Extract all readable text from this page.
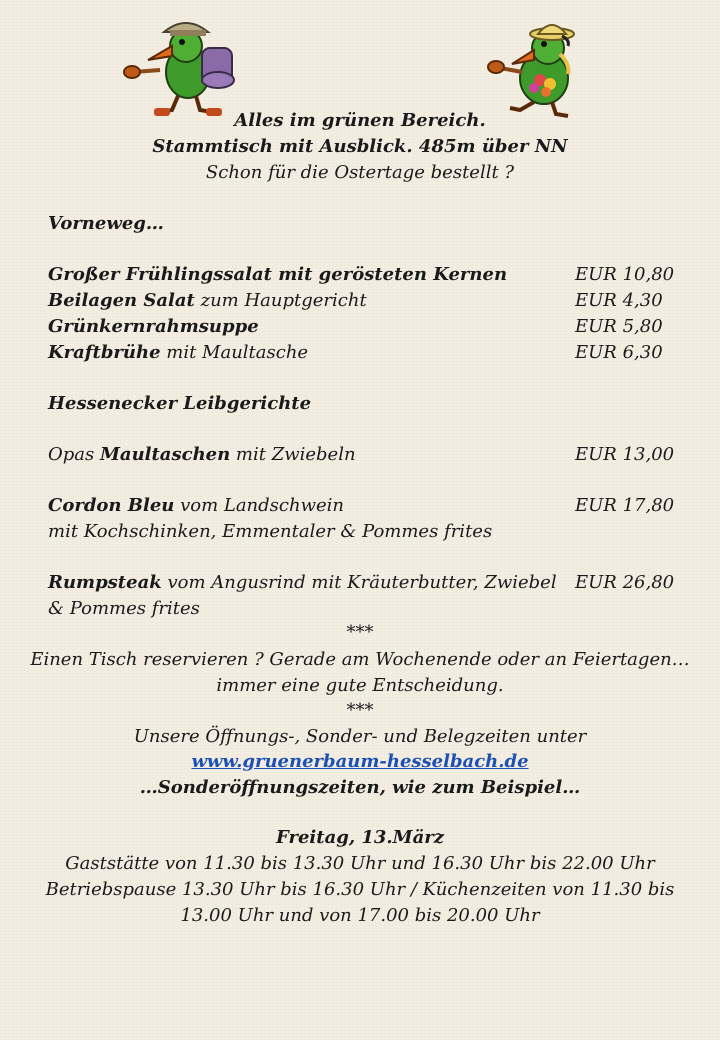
Alles im grünen Bereich.
Stammtisch mit Ausblick. 485m über NN
Schon für die Ostertage bestellt ?
Vorneweg…
Großer Frühlingssalat mit gerösteten Kernen	EUR 10,80
Beilagen Salat zum Hauptgericht	EUR 4,30
Grünkernrahmsuppe	EUR 5,80
Kraftbrühe mit Maultasche	EUR 6,30
Hessenecker Leibgerichte
Opas Maultaschen mit Zwiebeln	EUR 13,00
Cordon Bleu vom Landschwein	EUR 17,80
mit Kochschinken, Emmentaler & Pommes frites
Rumpsteak vom Angusrind mit Kräuterbutter, Zwiebel	EUR 26,80
& Pommes frites
***
Einen Tisch reservieren ? Gerade am Wochenende oder an Feiertagen…
immer eine gute Entscheidung.
***
Unsere Öffnungs-, Sonder- und Belegzeiten unter
www.gruenerbaum-hesselbach.de
…Sonderöffnungszeiten, wie zum Beispiel…
Freitag, 13.März
Gaststätte von 11.30 bis 13.30 Uhr und 16.30 Uhr bis 22.00 Uhr
Betriebspause 13.30 Uhr bis 16.30 Uhr / Küchenzeiten von 11.30 bis
13.00 Uhr und von 17.00 bis 20.00 Uhr
